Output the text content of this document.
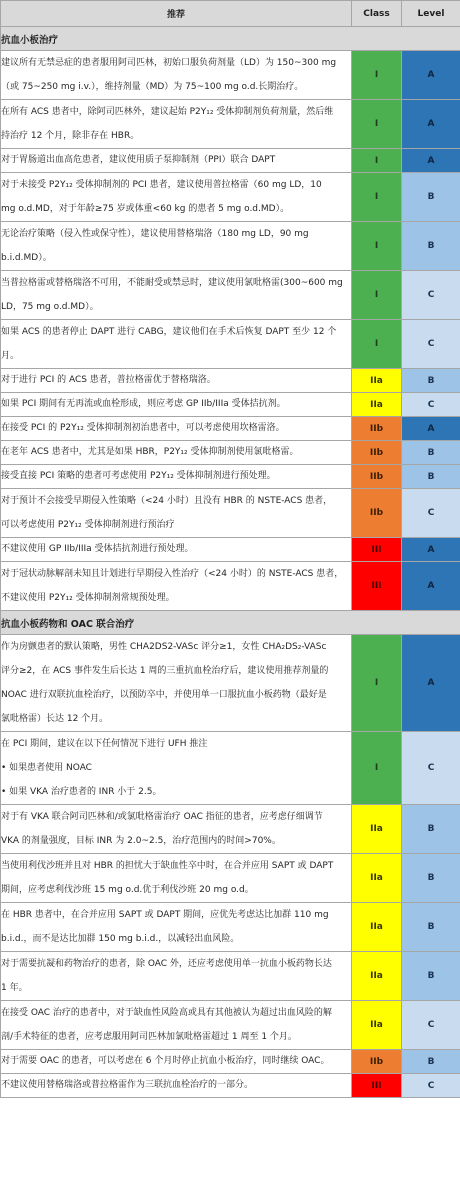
推荐	Class	Level
抗血小板治疗		

建议所有无禁忌症的患者服用阿司匹林，初始口服负荷剂量（LD）为 150~300 mg
（或 75~250 mg i.v.），维持剂量（MD）为 75~100 mg o.d.长期治疗。	I	A

在所有 ACS 患者中，除阿司匹林外，建议起始 P2Y₁₂ 受体抑制剂负荷剂量，然后维
持治疗 12 个月，除非存在 HBR。	I	A

对于胃肠道出血高危患者，建议使用质子泵抑制剂（PPI）联合 DAPT	I	A

对于未接受 P2Y₁₂ 受体抑制剂的 PCI 患者，建议使用普拉格雷（60 mg LD，10
mg o.d.MD，对于年龄≥75 岁或体重<60 kg 的患者 5 mg o.d.MD）。	I	B

无论治疗策略（侵入性或保守性），建议使用替格瑞洛（180 mg LD，90 mg
b.i.d.MD）。	I	B

当普拉格雷或替格瑞洛不可用，不能耐受或禁忌时，建议使用氯吡格雷(300~600 mg
LD，75 mg o.d.MD）。	I	C

如果 ACS 的患者停止 DAPT 进行 CABG，建议他们在手术后恢复 DAPT 至少 12 个
月。	I	C

对于进行 PCI 的 ACS 患者，普拉格雷优于替格瑞洛。	IIa	B

如果 PCI 期间有无再流或血栓形成，则应考虑 GP IIb/IIIa 受体拮抗剂。	IIa	C

在接受 PCI 的 P2Y₁₂ 受体抑制剂初治患者中，可以考虑使用坎格雷洛。	IIb	A

在老年 ACS 患者中，尤其是如果 HBR，P2Y₁₂ 受体抑制剂使用氯吡格雷。	IIb	B

接受直接 PCI 策略的患者可考虑使用 P2Y₁₂ 受体抑制剂进行预处理。	IIb	B

对于预计不会接受早期侵入性策略（<24 小时）且没有 HBR 的 NSTE-ACS 患者，
可以考虑使用 P2Y₁₂ 受体抑制剂进行预治疗	IIb	C

不建议使用 GP IIb/IIIa 受体拮抗剂进行预处理。	III	A

对于冠状动脉解剖未知且计划进行早期侵入性治疗（<24 小时）的 NSTE-ACS 患者，
不建议使用 P2Y₁₂ 受体抑制剂常规预处理。	III	A
抗血小板药物和 OAC 联合治疗		

作为房颤患者的默认策略，男性 CHA2DS2-VASc 评分≥1，女性 CHA₂DS₂-VASc
评分≥2，在 ACS 事件发生后长达 1 周的三重抗血栓治疗后，建议使用推荐剂量的
NOAC 进行双联抗血栓治疗，以预防卒中，并使用单一口服抗血小板药物（最好是
氯吡格雷）长达 12 个月。	I	A

在 PCI 期间，建议在以下任何情况下进行 UFH 推注
• 如果患者使用 NOAC
• 如果 VKA 治疗患者的 INR 小于 2.5。	I	C

对于有 VKA 联合阿司匹林和/或氯吡格雷治疗 OAC 指征的患者，应考虑仔细调节
VKA 的剂量强度，目标 INR 为 2.0~2.5，治疗范围内的时间>70%。	IIa	B

当使用利伐沙班并且对 HBR 的担忧大于缺血性卒中时，在合并应用 SAPT 或 DAPT
期间，应考虑利伐沙班 15 mg o.d.优于利伐沙班 20 mg o.d。	IIa	B

在 HBR 患者中，在合并应用 SAPT 或 DAPT 期间，应优先考虑达比加群 110 mg
b.i.d.，而不是达比加群 150 mg b.i.d.，以减轻出血风险。	IIa	B

对于需要抗凝和药物治疗的患者，除 OAC 外，还应考虑使用单一抗血小板药物长达
1 年。	IIa	B

在接受 OAC 治疗的患者中，对于缺血性风险高或具有其他被认为超过出血风险的解
剖/手术特征的患者，应考虑服用阿司匹林加氯吡格雷超过 1 周至 1 个月。	IIa	C

对于需要 OAC 的患者，可以考虑在 6 个月时停止抗血小板治疗，同时继续 OAC。	IIb	B

不建议使用替格瑞洛或普拉格雷作为三联抗血栓治疗的一部分。	III	C
